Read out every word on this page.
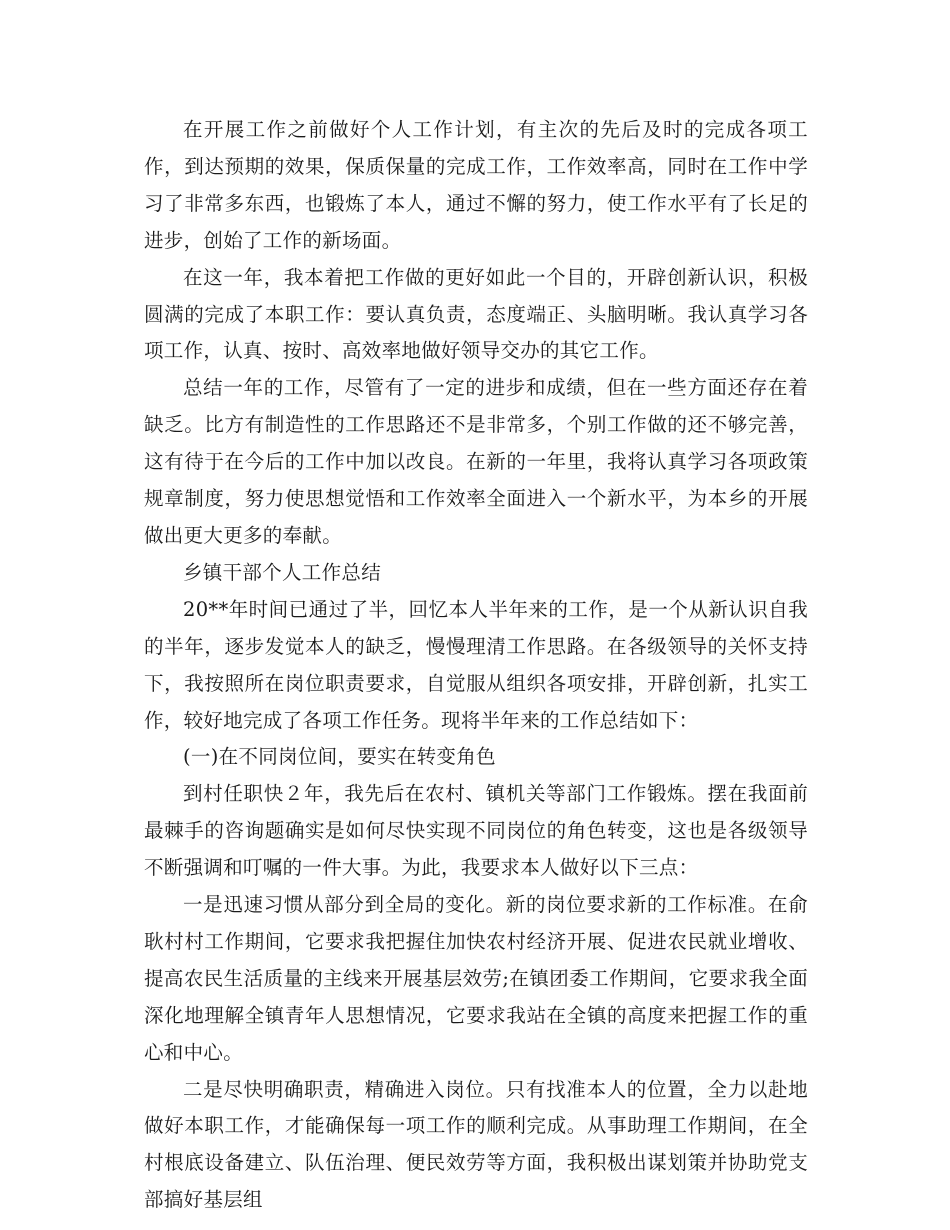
在开展工作之前做好个人工作计划，有主次的先后及时的完成各项工作，到达预期的效果，保质保量的完成工作，工作效率高，同时在工作中学习了非常多东西，也锻炼了本人，通过不懈的努力，使工作水平有了长足的进步，创始了工作的新场面。

在这一年，我本着把工作做的更好如此一个目的，开辟创新认识，积极圆满的完成了本职工作：要认真负责，态度端正、头脑明晰。我认真学习各项工作，认真、按时、高效率地做好领导交办的其它工作。

总结一年的工作，尽管有了一定的进步和成绩，但在一些方面还存在着缺乏。比方有制造性的工作思路还不是非常多，个别工作做的还不够完善，这有待于在今后的工作中加以改良。在新的一年里，我将认真学习各项政策规章制度，努力使思想觉悟和工作效率全面进入一个新水平，为本乡的开展做出更大更多的奉献。

乡镇干部个人工作总结

20**年时间已通过了半，回忆本人半年来的工作，是一个从新认识自我的半年，逐步发觉本人的缺乏，慢慢理清工作思路。在各级领导的关怀支持下，我按照所在岗位职责要求，自觉服从组织各项安排，开辟创新，扎实工作，较好地完成了各项工作任务。现将半年来的工作总结如下：

(一)在不同岗位间，要实在转变角色

到村任职快２年，我先后在农村、镇机关等部门工作锻炼。摆在我面前最棘手的咨询题确实是如何尽快实现不同岗位的角色转变，这也是各级领导不断强调和叮嘱的一件大事。为此，我要求本人做好以下三点：

一是迅速习惯从部分到全局的变化。新的岗位要求新的工作标准。在俞耿村村工作期间，它要求我把握住加快农村经济开展、促进农民就业增收、提高农民生活质量的主线来开展基层效劳;在镇团委工作期间，它要求我全面深化地理解全镇青年人思想情况，它要求我站在全镇的高度来把握工作的重心和中心。

二是尽快明确职责，精确进入岗位。只有找准本人的位置，全力以赴地做好本职工作，才能确保每一项工作的顺利完成。从事助理工作期间，在全村根底设备建立、队伍治理、便民效劳等方面，我积极出谋划策并协助党支部搞好基层组
